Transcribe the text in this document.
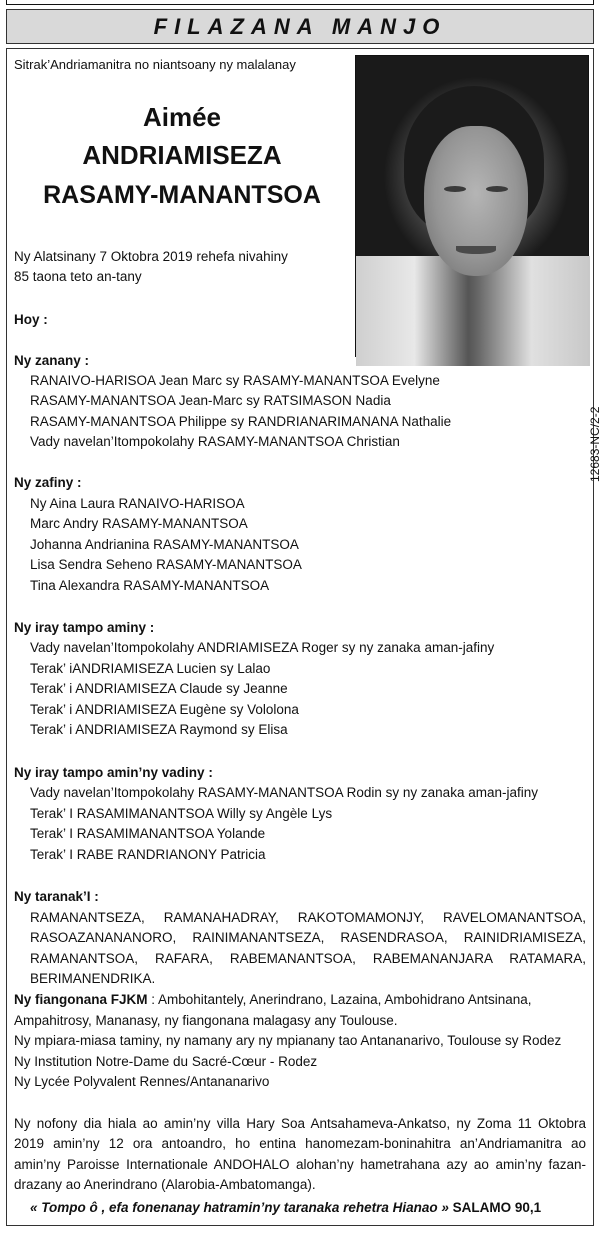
FILAZANA MANJO
Sitrak’Andriamanitra no niantsoany ny malalanay
Aimée
ANDRIAMISEZA
RASAMY-MANANTSOA
Ny Alatsinany 7 Oktobra 2019 rehefa nivahiny
85 taona teto an-tany
Hoy :
Ny zanany :
RANAIVO-HARISOA Jean Marc sy RASAMY-MANANTSOA Evelyne
RASAMY-MANANTSOA Jean-Marc sy RATSIMASON Nadia
RASAMY-MANANTSOA Philippe sy RANDRIANARIMANANA Nathalie
Vady navelan’Itompokolahy RASAMY-MANANTSOA Christian
Ny zafiny :
Ny Aina Laura RANAIVO-HARISOA
Marc Andry RASAMY-MANANTSOA
Johanna Andrianina RASAMY-MANANTSOA
Lisa Sendra Seheno RASAMY-MANANTSOA
Tina Alexandra RASAMY-MANANTSOA
12683-NC/2-2
Ny iray tampo aminy :
Vady navelan’Itompokolahy ANDRIAMISEZA Roger sy ny zanaka aman-jafiny
Terak’ iANDRIAMISEZA Lucien sy Lalao
Terak’ i ANDRIAMISEZA Claude sy Jeanne
Terak’ i ANDRIAMISEZA Eugène sy Vololona
Terak’ i ANDRIAMISEZA Raymond sy Elisa
Ny iray tampo amin’ny vadiny :
Vady navelan’Itompokolahy RASAMY-MANANTSOA Rodin sy ny zanaka aman-jafiny
Terak’ I RASAMIMANANTSOA Willy sy Angèle Lys
Terak’ I RASAMIMANANTSOA Yolande
Terak’ I RABE RANDRIANONY Patricia
Ny taranak’I :
RAMANANTSEZA, RAMANAHADRAY, RAKOTOMAMONJY, RAVELOMANANTSOA,
RASOAZANANANORO, RAINIMANANTSEZA, RASENDRASOA, RAINIDRIAMISEZA,
RAMANANTSOA, RAFARA, RABEMANANTSOA, RABEMANANJARA RATAMARA,
BERIMANENDRIKA.
Ny fiangonana FJKM : Ambohitantely, Anerindrano, Lazaina, Ambohidrano Antsinana,
Ampahitrosy, Mananasy, ny fiangonana malagasy any Toulouse.
Ny mpiara-miasa taminy, ny namany ary ny mpianany tao Antananarivo, Toulouse sy Rodez
Ny Institution Notre-Dame du Sacré-Cœur - Rodez
Ny Lycée Polyvalent Rennes/Antananarivo
Ny nofony dia hiala ao amin’ny villa Hary Soa Antsahameva-Ankatso, ny Zoma 11 Oktobra
2019 amin’ny 12 ora antoandro, ho entina hanomezam-boninahitra an’Andriamanitra ao
amin’ny Paroisse Internationale ANDOHALO alohan’ny hametrahana azy ao amin’ny fazan-
drazany ao Anerindrano (Alarobia-Ambatomanga).
« Tompo ô , efa fonenanay hatramin’ny taranaka rehetra Hianao » SALAMO 90,1
